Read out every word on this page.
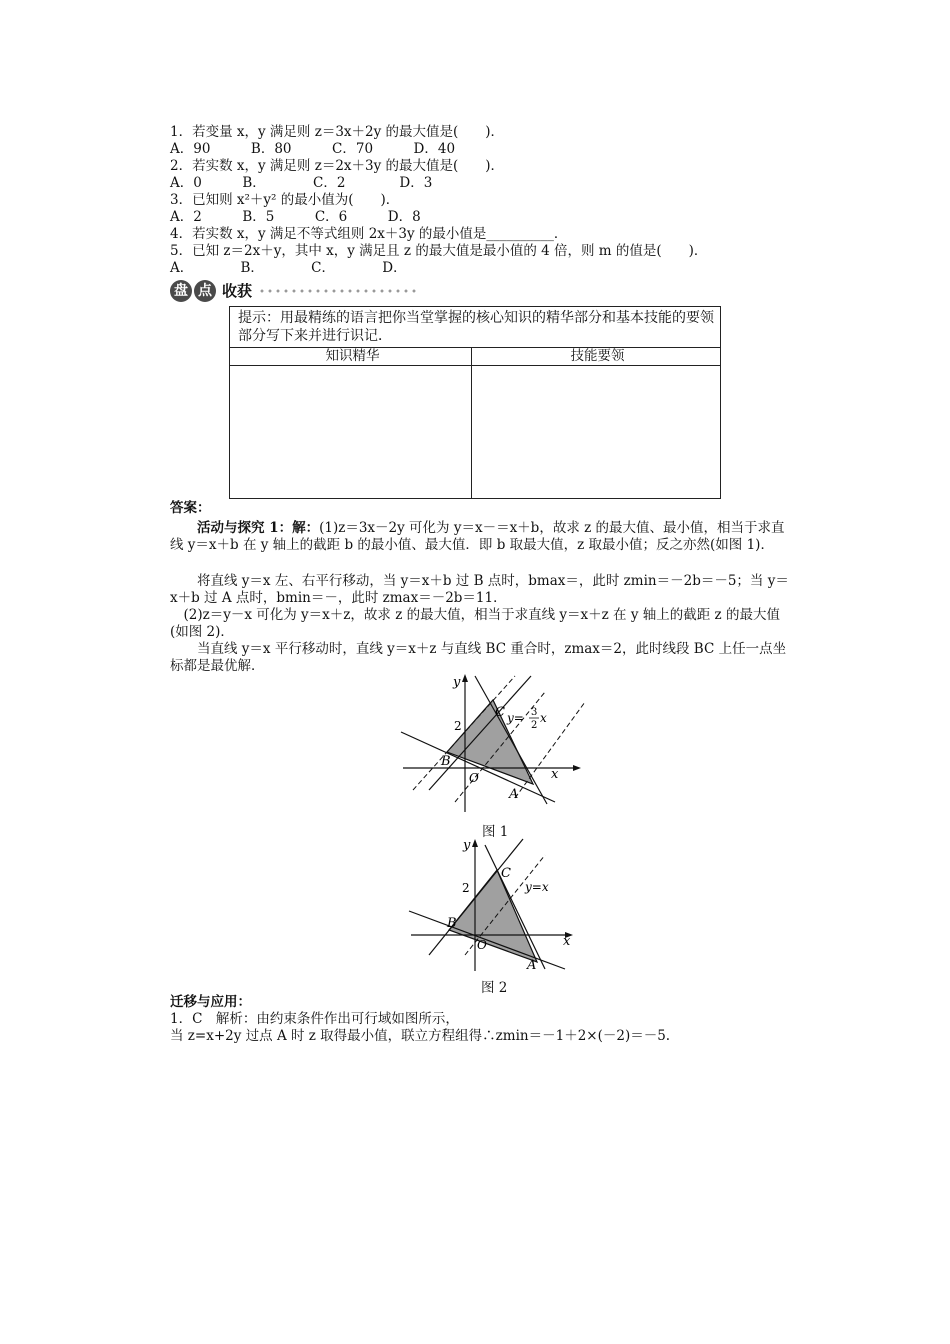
1．若变量 x，y 满足则 z＝3x＋2y 的最大值是(　　)．
A．90　　　B．80　　　C．70　　　D．40
2．若实数 x，y 满足则 z＝2x＋3y 的最大值是(　　)．
A．0　　　B．　　　　C．2　　　　D．3
3．已知则 x²＋y² 的最小值为(　　)．
A．2　　　B．5　　　C．6　　　D．8
4．若实数 x，y 满足不等式组则 2x＋3y 的最小值是__________．
5．已知 z＝2x＋y，其中 x，y 满足且 z 的最大值是最小值的 4 倍，则 m 的值是(　　)．
A．　　　　B．　　　　C．　　　　D．
盘 点 收获
提示：用最精练的语言把你当堂掌握的核心知识的精华部分和基本技能的要领部分写下来并进行识记．
知识精华	技能要领
答案：
活动与探究 1：解：(1)z＝3x－2y 可化为 y＝x－＝x＋b，故求 z 的最大值、最小值，相当于求直线 y＝x＋b 在 y 轴上的截距 b 的最小值、最大值．即 b 取最大值，z 取最小值；反之亦然(如图 1)．
将直线 y＝x 左、右平行移动，当 y＝x＋b 过 B 点时，bmax＝，此时 zmin＝－2b＝－5；当 y＝x＋b 过 A 点时，bmin＝－，此时 zmax＝－2b＝11．
(2)z＝y－x 可化为 y＝x＋z，故求 z 的最大值，相当于求直线 y＝x＋z 在 y 轴上的截距 z 的最大值(如图 2)．
当直线 y＝x 平行移动时，直线 y＝x＋z 与直线 BC 重合时，zmax＝2，此时线段 BC 上任一点坐标都是最优解．
y
x
O
2
A
B
C y= 3
2
x
图 1
y
x
O
2
A
B
C
y=x
图 2
迁移与应用：
1．C　解析：由约束条件作出可行域如图所示，
当 z=x+2y 过点 A 时 z 取得最小值，联立方程组得∴zmin＝－1＋2×(－2)＝－5.
